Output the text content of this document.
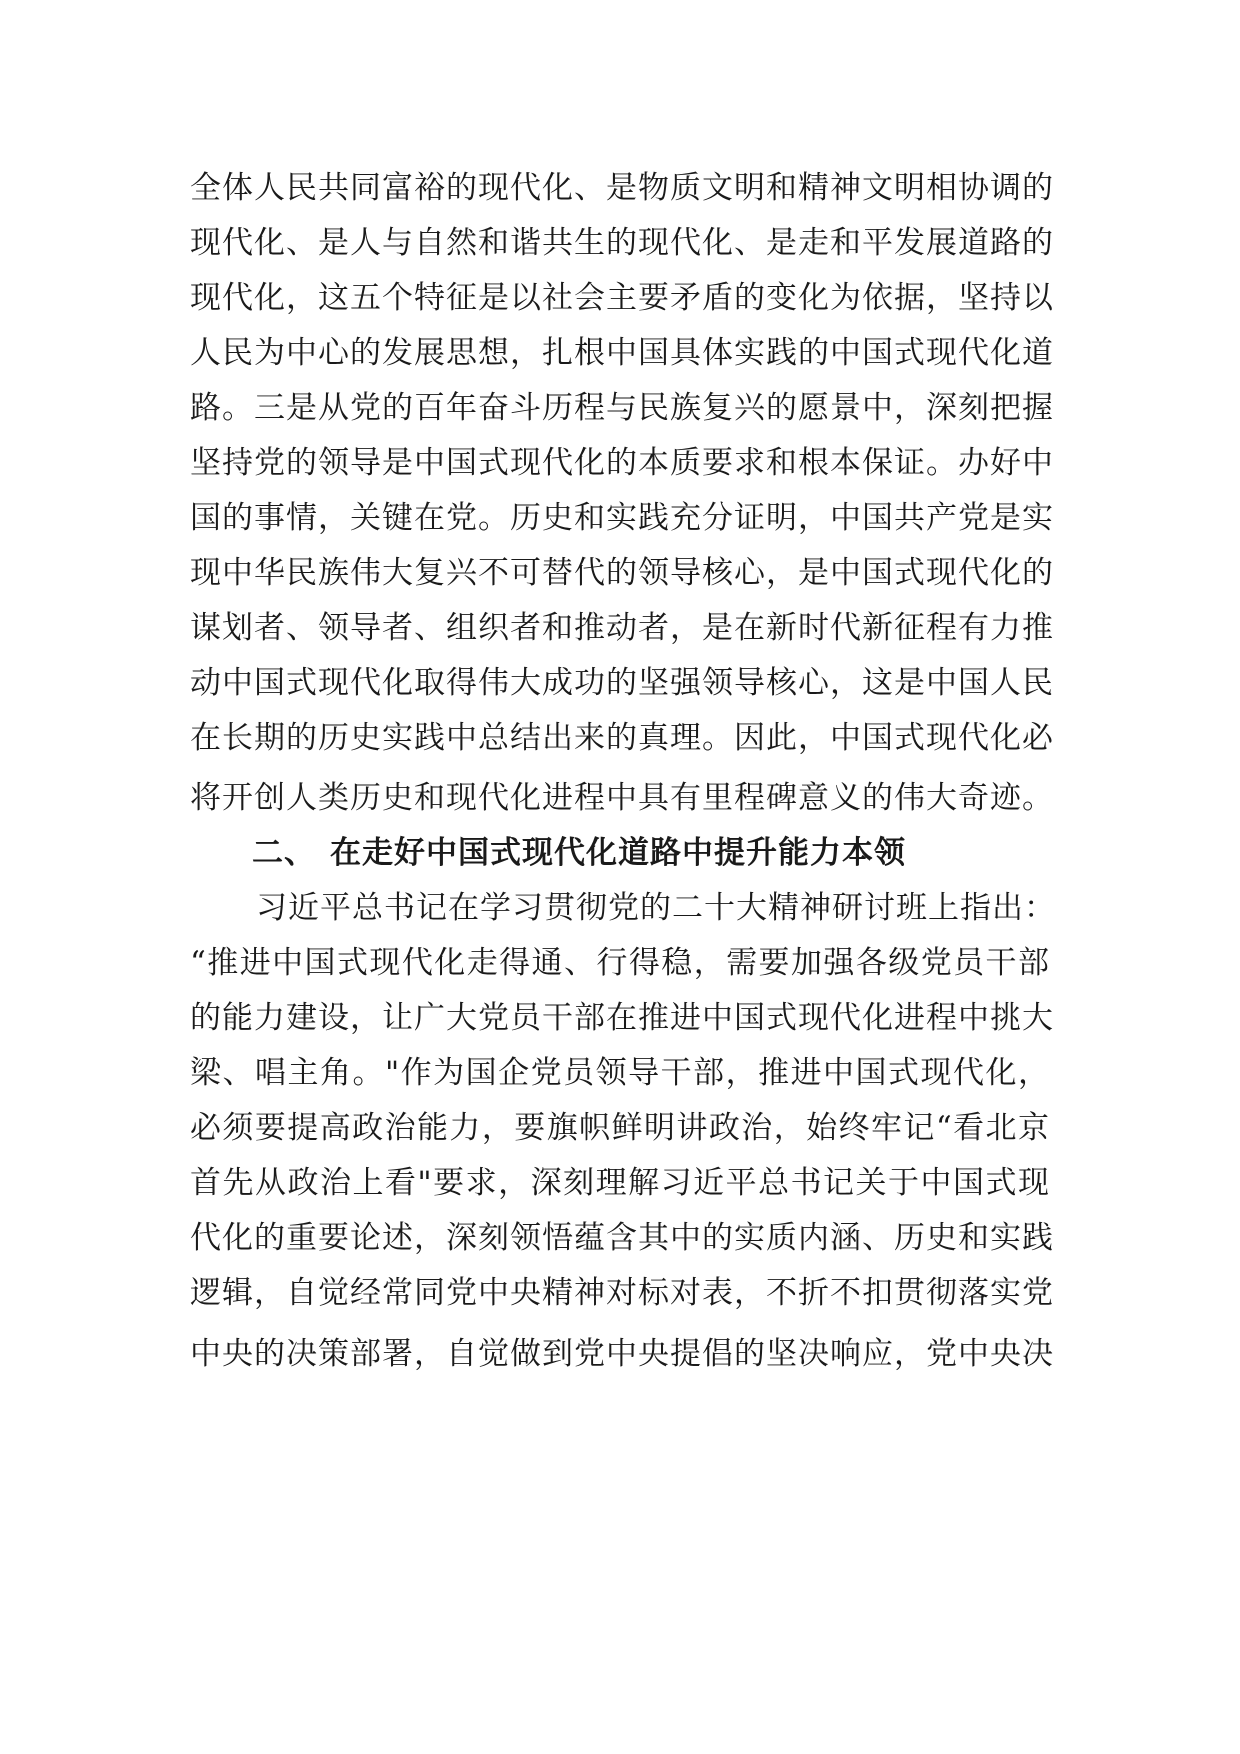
全体人民共同富裕的现代化、是物质文明和精神文明相协调的
现代化、是人与自然和谐共生的现代化、是走和平发展道路的
现代化，这五个特征是以社会主要矛盾的变化为依据，坚持以
人民为中心的发展思想，扎根中国具体实践的中国式现代化道
路。三是从党的百年奋斗历程与民族复兴的愿景中，深刻把握
坚持党的领导是中国式现代化的本质要求和根本保证。办好中
国的事情，关键在党。历史和实践充分证明，中国共产党是实
现中华民族伟大复兴不可替代的领导核心，是中国式现代化的
谋划者、领导者、组织者和推动者，是在新时代新征程有力推
动中国式现代化取得伟大成功的坚强领导核心，这是中国人民
在长期的历史实践中总结出来的真理。因此，中国式现代化必
将开创人类历史和现代化进程中具有里程碑意义的伟大奇迹。
二、 在走好中国式现代化道路中提升能力本领
习近平总书记在学习贯彻党的二十大精神研讨班上指出：
“推进中国式现代化走得通、行得稳，需要加强各级党员干部
的能力建设，让广大党员干部在推进中国式现代化进程中挑大
梁、唱主角。"作为国企党员领导干部，推进中国式现代化，
必须要提高政治能力，要旗帜鲜明讲政治，始终牢记“看北京
首先从政治上看"要求，深刻理解习近平总书记关于中国式现
代化的重要论述，深刻领悟蕴含其中的实质内涵、历史和实践
逻辑，自觉经常同党中央精神对标对表，不折不扣贯彻落实党
中央的决策部署，自觉做到党中央提倡的坚决响应，党中央决
